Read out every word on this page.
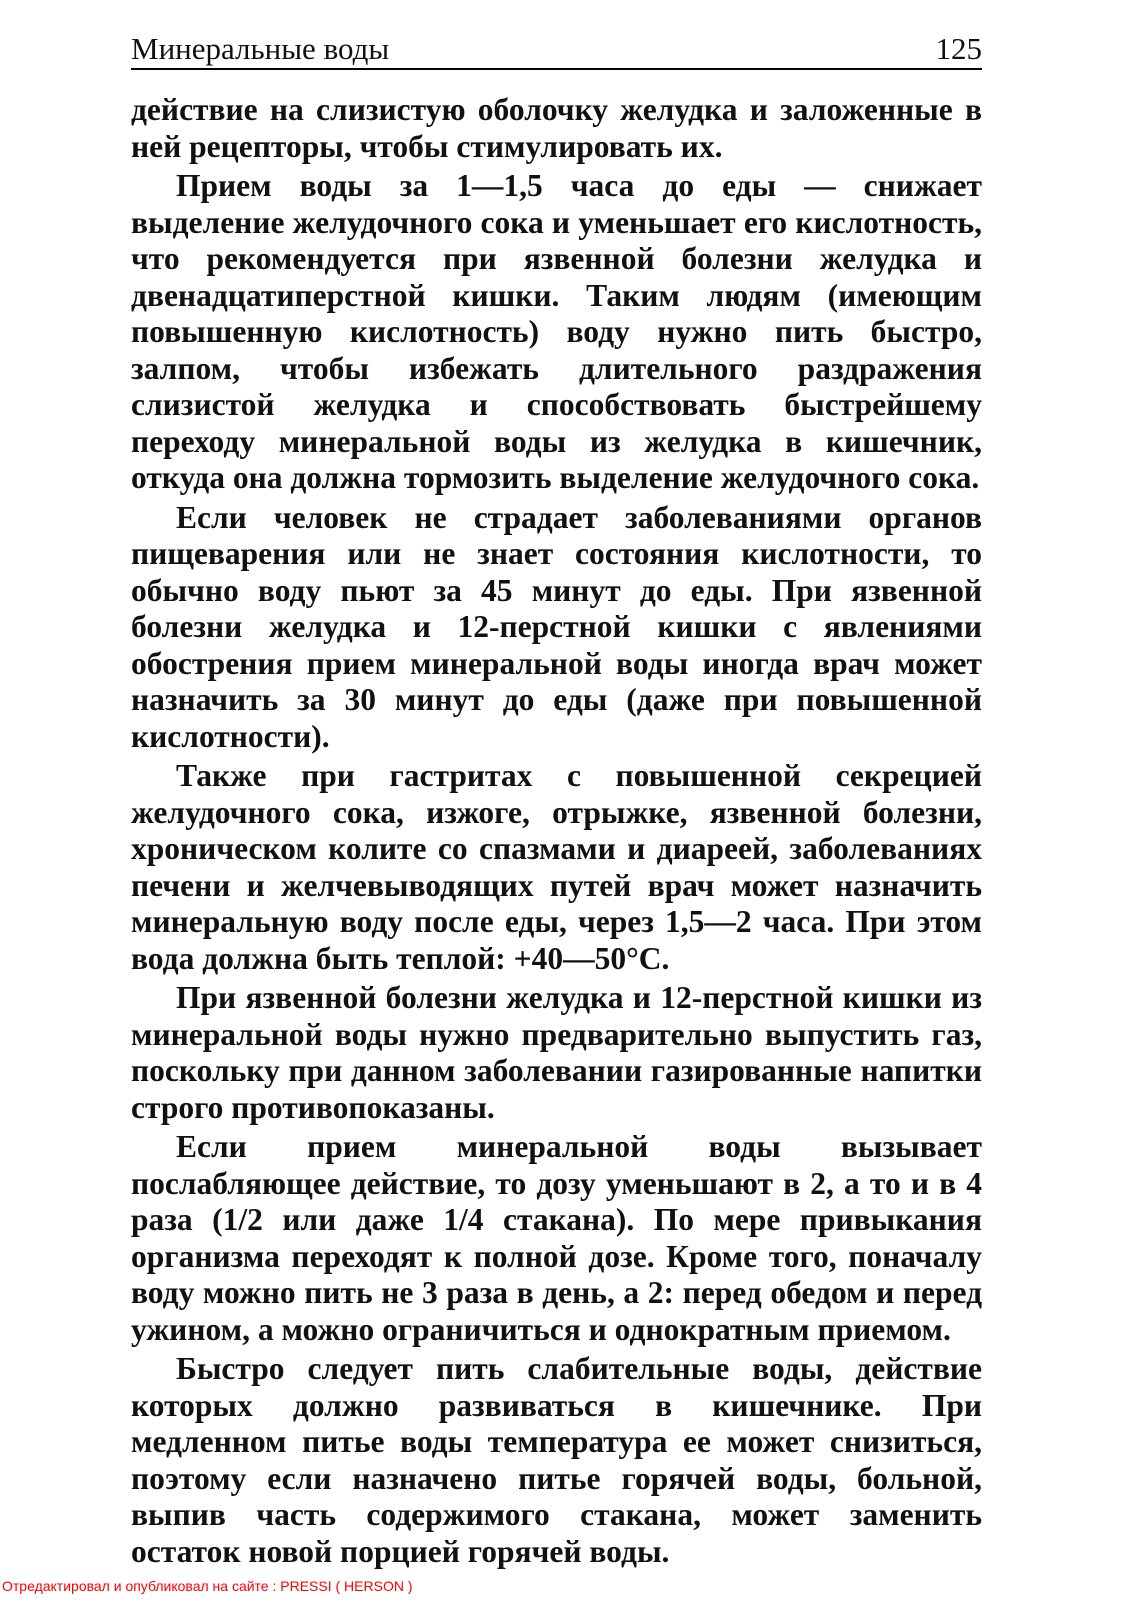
Минеральные воды	125

действие на слизистую оболочку желудка и заложенные в ней рецепторы, чтобы стимулировать их.

Прием воды за 1—1,5 часа до еды — снижает выделение желудочного сока и уменьшает его кислотность, что рекомендуется при язвенной болезни желудка и двенадцатиперстной кишки. Таким людям (имеющим повышенную кислотность) воду нужно пить быстро, залпом, чтобы избежать длительного раздражения слизистой желудка и способствовать быстрейшему переходу минеральной воды из желудка в кишечник, откуда она должна тормозить выделение желудочного сока.

Если человек не страдает заболеваниями органов пищеварения или не знает состояния кислотности, то обычно воду пьют за 45 минут до еды. При язвенной болезни желудка и 12-перстной кишки с явлениями обострения прием минеральной воды иногда врач может назначить за 30 минут до еды (даже при повышенной кислотности).

Также при гастритах с повышенной секрецией желудочного сока, изжоге, отрыжке, язвенной болезни, хроническом колите со спазмами и диареей, заболеваниях печени и желчевыводящих путей врач может назначить минеральную воду после еды, через 1,5—2 часа. При этом вода должна быть теплой: +40—50°С.

При язвенной болезни желудка и 12-перстной кишки из минеральной воды нужно предварительно выпустить газ, поскольку при данном заболевании газированные напитки строго противопоказаны.

Если прием минеральной воды вызывает послабляющее действие, то дозу уменьшают в 2, а то и в 4 раза (1/2 или даже 1/4 стакана). По мере привыкания организма переходят к полной дозе. Кроме того, поначалу воду можно пить не 3 раза в день, а 2: перед обедом и перед ужином, а можно ограничиться и однократным приемом.

Быстро следует пить слабительные воды, действие которых должно развиваться в кишечнике. При медленном питье воды температура ее может снизиться, поэтому если назначено питье горячей воды, больной, выпив часть содержимого стакана, может заменить остаток новой порцией горячей воды.

Отредактировал и опубликовал на сайте : PRESSI ( HERSON )
